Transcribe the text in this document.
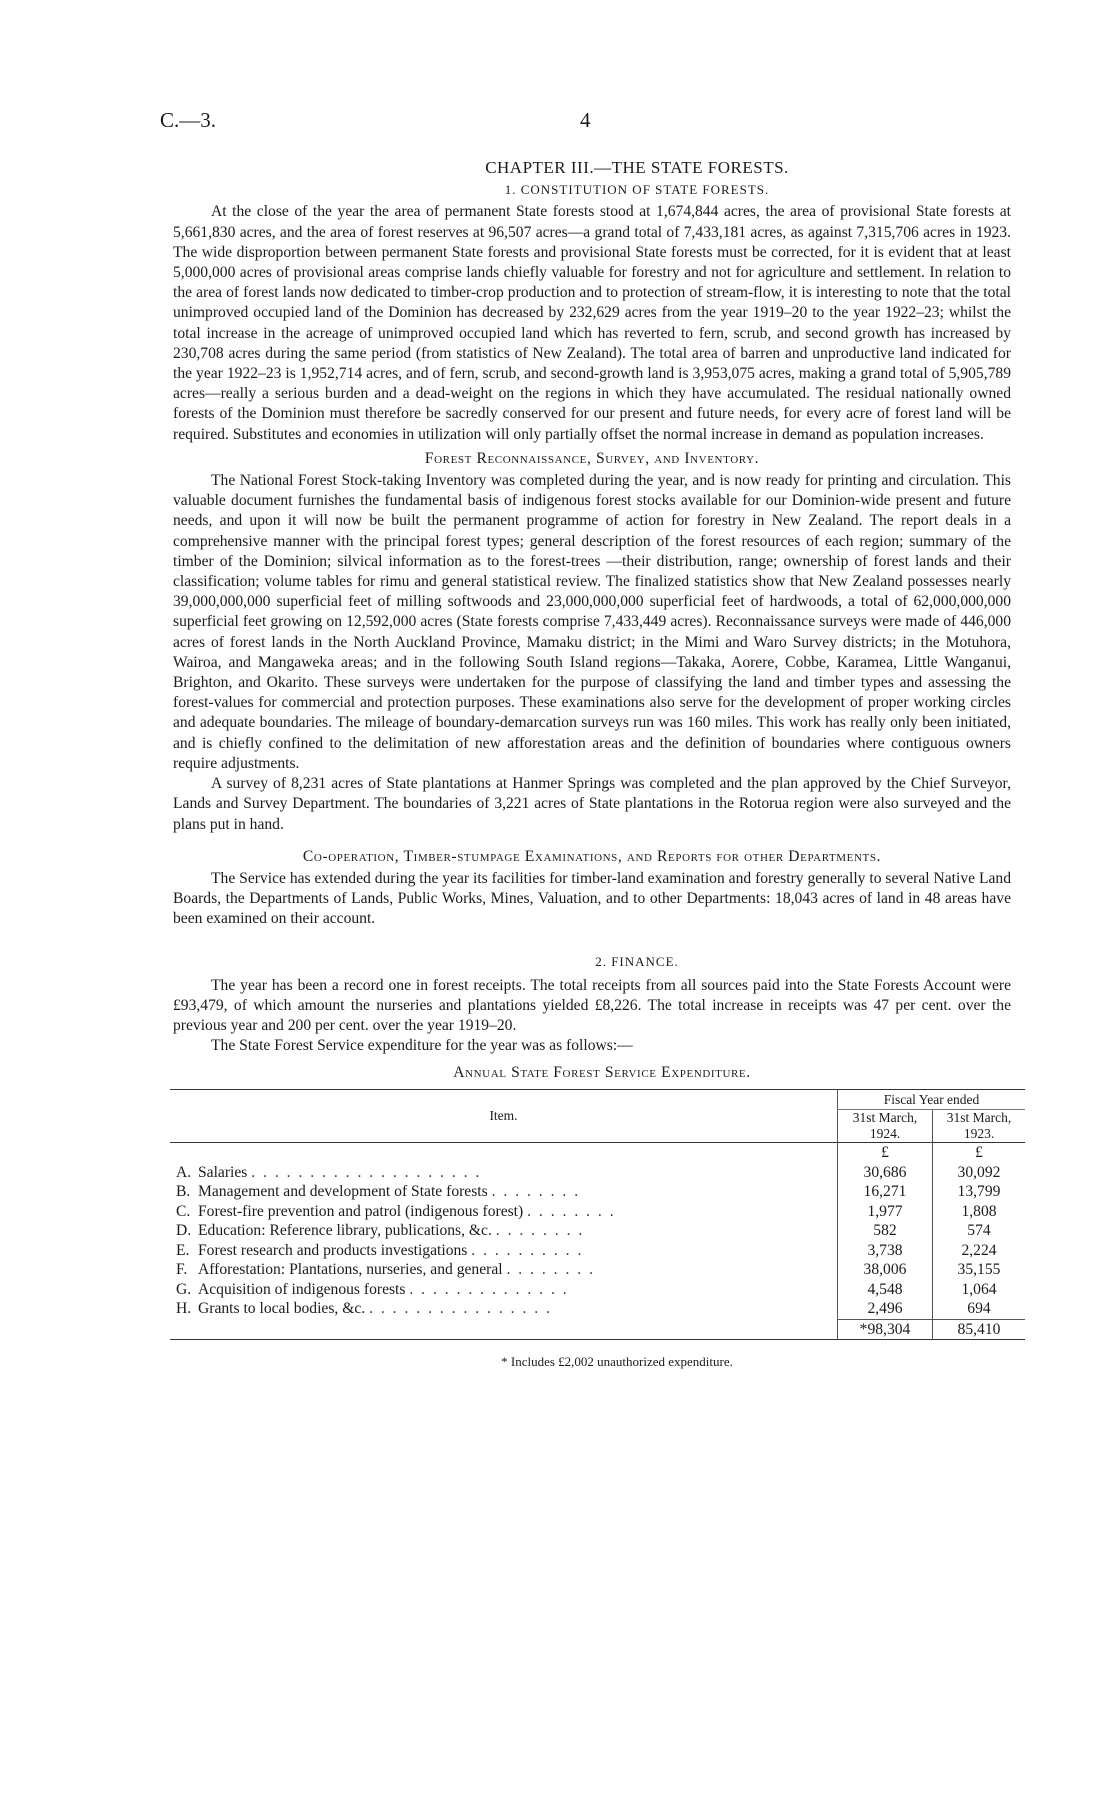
C.—3.	4
CHAPTER III.—THE STATE FORESTS.
1. CONSTITUTION OF STATE FORESTS.

At the close of the year the area of permanent State forests stood at 1,674,844 acres, the area of provisional State forests at 5,661,830 acres, and the area of forest reserves at 96,507 acres—a grand total of 7,433,181 acres, as against 7,315,706 acres in 1923. The wide disproportion between permanent State forests and provisional State forests must be corrected, for it is evident that at least 5,000,000 acres of provisional areas comprise lands chiefly valuable for forestry and not for agriculture and settlement. In relation to the area of forest lands now dedicated to timber-crop production and to protection of stream-flow, it is interesting to note that the total unimproved occupied land of the Dominion has decreased by 232,629 acres from the year 1919–20 to the year 1922–23; whilst the total increase in the acreage of unimproved occupied land which has reverted to fern, scrub, and second growth has increased by 230,708 acres during the same period (from statistics of New Zealand). The total area of barren and unproductive land indicated for the year 1922–23 is 1,952,714 acres, and of fern, scrub, and second-growth land is 3,953,075 acres, making a grand total of 5,905,789 acres—really a serious burden and a dead-weight on the regions in which they have accumulated. The residual nationally owned forests of the Dominion must therefore be sacredly conserved for our present and future needs, for every acre of forest land will be required. Substitutes and economies in utilization will only partially offset the normal increase in demand as population increases.

Forest Reconnaissance, Survey, and Inventory.

The National Forest Stock-taking Inventory was completed during the year, and is now ready for printing and circulation. This valuable document furnishes the fundamental basis of indigenous forest stocks available for our Dominion-wide present and future needs, and upon it will now be built the permanent programme of action for forestry in New Zealand. The report deals in a comprehensive manner with the principal forest types; general description of the forest resources of each region; summary of the timber of the Dominion; silvical information as to the forest-trees —their distribution, range; ownership of forest lands and their classification; volume tables for rimu and general statistical review. The finalized statistics show that New Zealand possesses nearly 39,000,000,000 superficial feet of milling softwoods and 23,000,000,000 superficial feet of hardwoods, a total of 62,000,000,000 superficial feet growing on 12,592,000 acres (State forests comprise 7,433,449 acres). Reconnaissance surveys were made of 446,000 acres of forest lands in the North Auckland Province, Mamaku district; in the Mimi and Waro Survey districts; in the Motuhora, Wairoa, and Mangaweka areas; and in the following South Island regions—Takaka, Aorere, Cobbe, Karamea, Little Wanganui, Brighton, and Okarito. These surveys were undertaken for the purpose of classifying the land and timber types and assessing the forest-values for commercial and protection purposes. These examinations also serve for the development of proper working circles and adequate boundaries. The mileage of boundary-demarcation surveys run was 160 miles. This work has really only been initiated, and is chiefly confined to the delimitation of new afforestation areas and the definition of boundaries where contiguous owners require adjustments.

A survey of 8,231 acres of State plantations at Hanmer Springs was completed and the plan approved by the Chief Surveyor, Lands and Survey Department. The boundaries of 3,221 acres of State plantations in the Rotorua region were also surveyed and the plans put in hand.

Co-operation, Timber-stumpage Examinations, and Reports for other Departments.

The Service has extended during the year its facilities for timber-land examination and forestry generally to several Native Land Boards, the Departments of Lands, Public Works, Mines, Valuation, and to other Departments: 18,043 acres of land in 48 areas have been examined on their account.

2. FINANCE.

The year has been a record one in forest receipts. The total receipts from all sources paid into the State Forests Account were £93,479, of which amount the nurseries and plantations yielded £8,226. The total increase in receipts was 47 per cent. over the previous year and 200 per cent. over the year 1919–20.

The State Forest Service expenditure for the year was as follows:—

Annual State Forest Service Expenditure.
Item.	Fiscal Year ended	
	31st March, 1924.	31st March, 1923.
	£	£
A. Salaries . . . . . . . . . . . . . . . . . . . .	30,686	30,092
B. Management and development of State forests . . . . . . . .	16,271	13,799
C. Forest-fire prevention and patrol (indigenous forest) . . . . . . . .	1,977	1,808
D. Education: Reference library, publications, &c. . . . . . . . .	582	574
E. Forest research and products investigations . . . . . . . . . .	3,738	2,224
F. Afforestation: Plantations, nurseries, and general . . . . . . . .	38,006	35,155
G. Acquisition of indigenous forests . . . . . . . . . . . . . .	4,548	1,064
H. Grants to local bodies, &c. . . . . . . . . . . . . . . . .	2,496	694
	*98,304	85,410
* Includes £2,002 unauthorized expenditure.
